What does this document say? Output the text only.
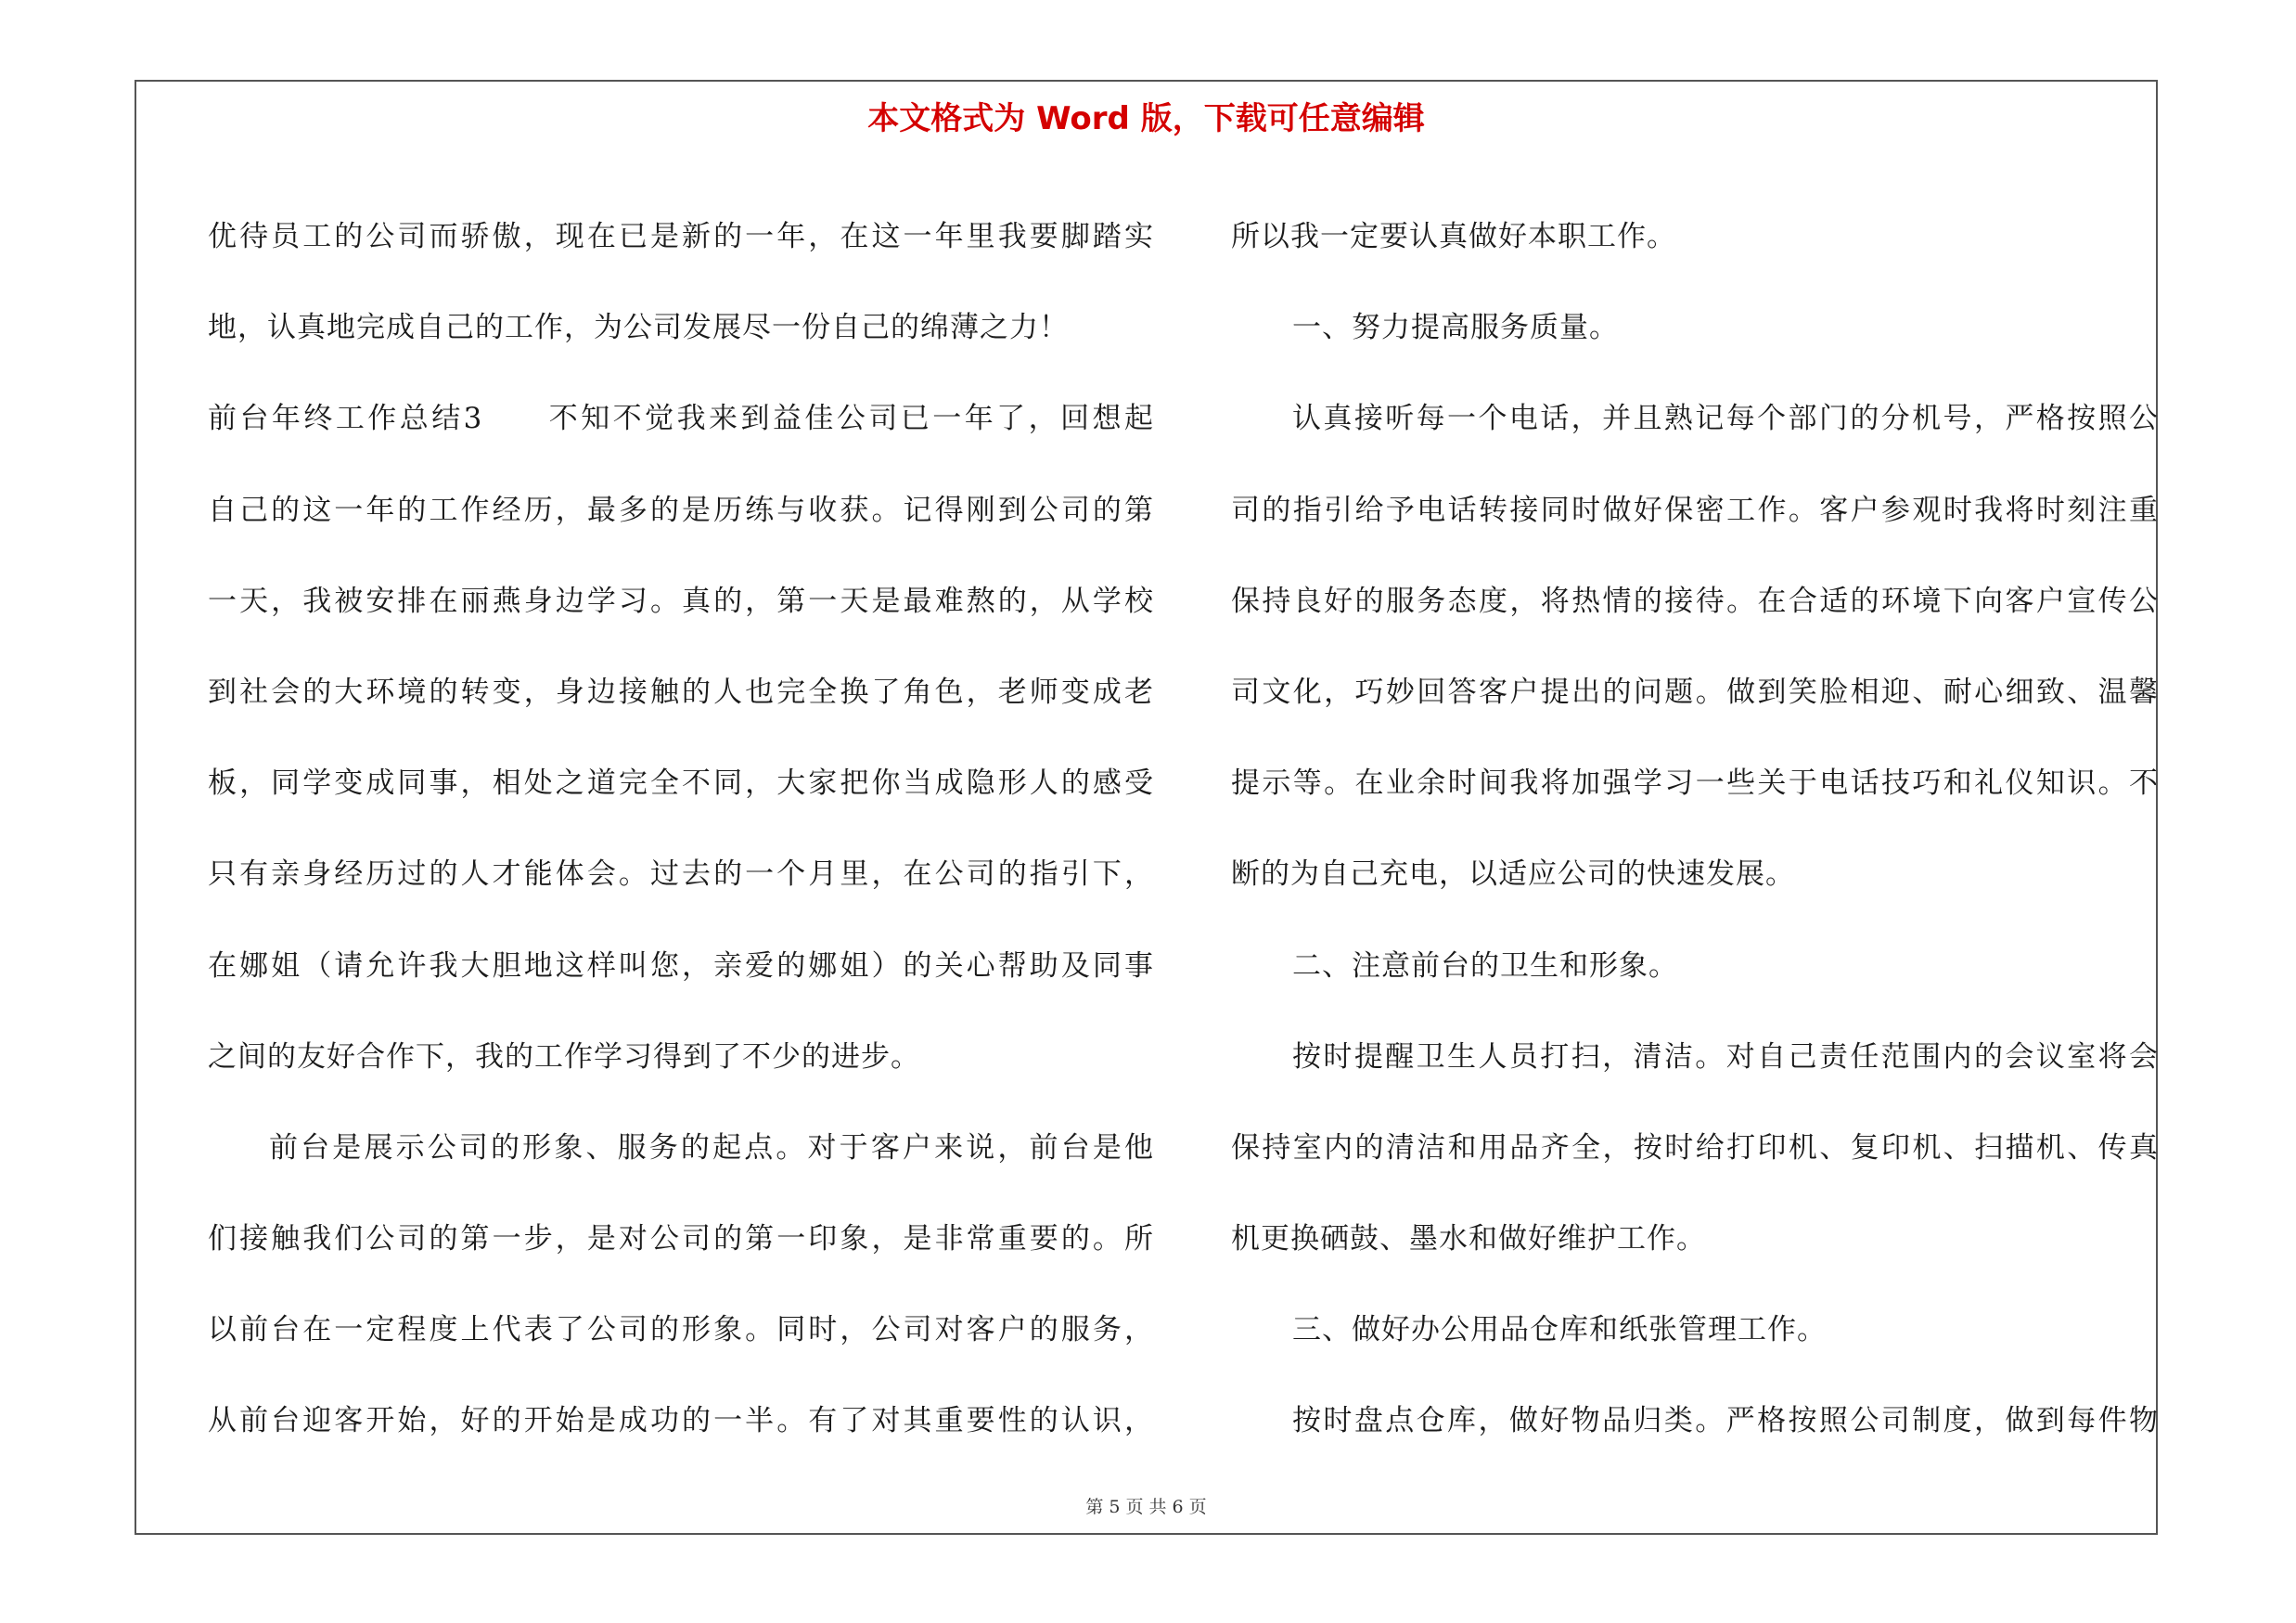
本文格式为 Word 版，下载可任意编辑
优待员工的公司而骄傲，现在已是新的一年，在这一年里我要脚踏实
地，认真地完成自己的工作，为公司发展尽一份自己的绵薄之力！
前台年终工作总结3　　不知不觉我来到益佳公司已一年了，回想起
自己的这一年的工作经历，最多的是历练与收获。记得刚到公司的第
一天，我被安排在丽燕身边学习。真的，第一天是最难熬的，从学校
到社会的大环境的转变，身边接触的人也完全换了角色，老师变成老
板，同学变成同事，相处之道完全不同，大家把你当成隐形人的感受
只有亲身经历过的人才能体会。过去的一个月里，在公司的指引下，
在娜姐（请允许我大胆地这样叫您，亲爱的娜姐）的关心帮助及同事
之间的友好合作下，我的工作学习得到了不少的进步。
前台是展示公司的形象、服务的起点。对于客户来说，前台是他
们接触我们公司的第一步，是对公司的第一印象，是非常重要的。所
以前台在一定程度上代表了公司的形象。同时，公司对客户的服务，
从前台迎客开始，好的开始是成功的一半。有了对其重要性的认识，
所以我一定要认真做好本职工作。
一、努力提高服务质量。
认真接听每一个电话，并且熟记每个部门的分机号，严格按照公
司的指引给予电话转接同时做好保密工作。客户参观时我将时刻注重
保持良好的服务态度，将热情的接待。在合适的环境下向客户宣传公
司文化，巧妙回答客户提出的问题。做到笑脸相迎、耐心细致、温馨
提示等。在业余时间我将加强学习一些关于电话技巧和礼仪知识。不
断的为自己充电，以适应公司的快速发展。
二、注意前台的卫生和形象。
按时提醒卫生人员打扫，清洁。对自己责任范围内的会议室将会
保持室内的清洁和用品齐全，按时给打印机、复印机、扫描机、传真
机更换硒鼓、墨水和做好维护工作。
三、做好办公用品仓库和纸张管理工作。
按时盘点仓库，做好物品归类。严格按照公司制度，做到每件物
第 5 页 共 6 页
